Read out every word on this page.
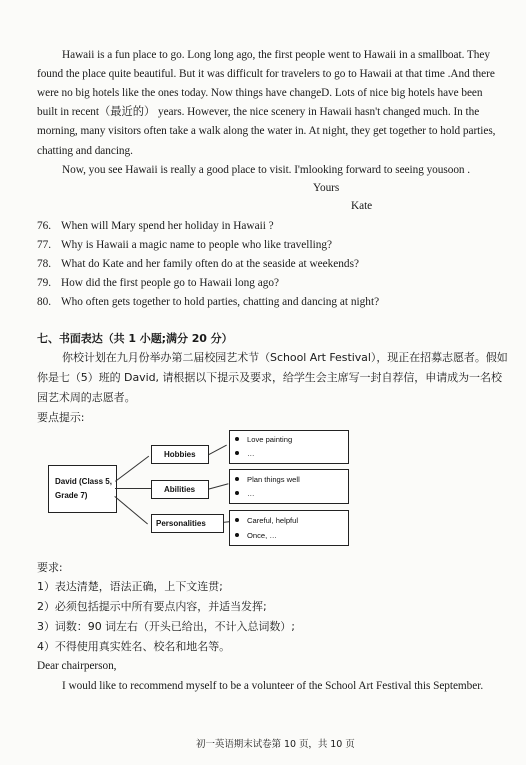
Hawaii is a fun place to go. Long long ago, the first people went to Hawaii in a smallboat. They
found the place quite beautiful. But it was difficult for travelers to go to Hawaii at that time .And there
were no big hotels like the ones today. Now things have changeD. Lots of nice big hotels have been
built in recent（最近的） years. However, the nice scenery in Hawaii hasn't changed much. In the
morning, many visitors often take a walk along the water in. At night, they get together to hold parties,
chatting and dancing.
Now, you see Hawaii is really a good place to visit. I'mlooking forward to seeing yousoon .
Yours
Kate
76. When will Mary spend her holiday in Hawaii ?
77. Why is Hawaii a magic name to people who like travelling?
78. What do Kate and her family often do at the seaside at weekends?
79. How did the first people go to Hawaii long ago?
80. Who often gets together to hold parties, chatting and dancing at night?
七、书面表达（共 1 小题;满分 20 分）
你校计划在九月份举办第二届校园艺术节（School Art Festival），现正在招募志愿者。假如
你是七（5）班的 David, 请根据以下提示及要求，给学生会主席写一封自荐信，申请成为一名校
园艺术周的志愿者。
要点提示:
David (Class 5, Grade 7)
Hobbies
Abilities
Personalities
Love painting
…
Plan things well
…
Careful, helpful
Once, …
要求:
1）表达清楚，语法正确，上下文连贯;
2）必须包括提示中所有要点内容，并适当发挥;
3）词数：90 词左右（开头已给出，不计入总词数）;
4）不得使用真实姓名、校名和地名等。
Dear chairperson,
I would like to recommend myself to be a volunteer of the School Art Festival this September.
初一英语期末试卷第 10 页，共 10 页
